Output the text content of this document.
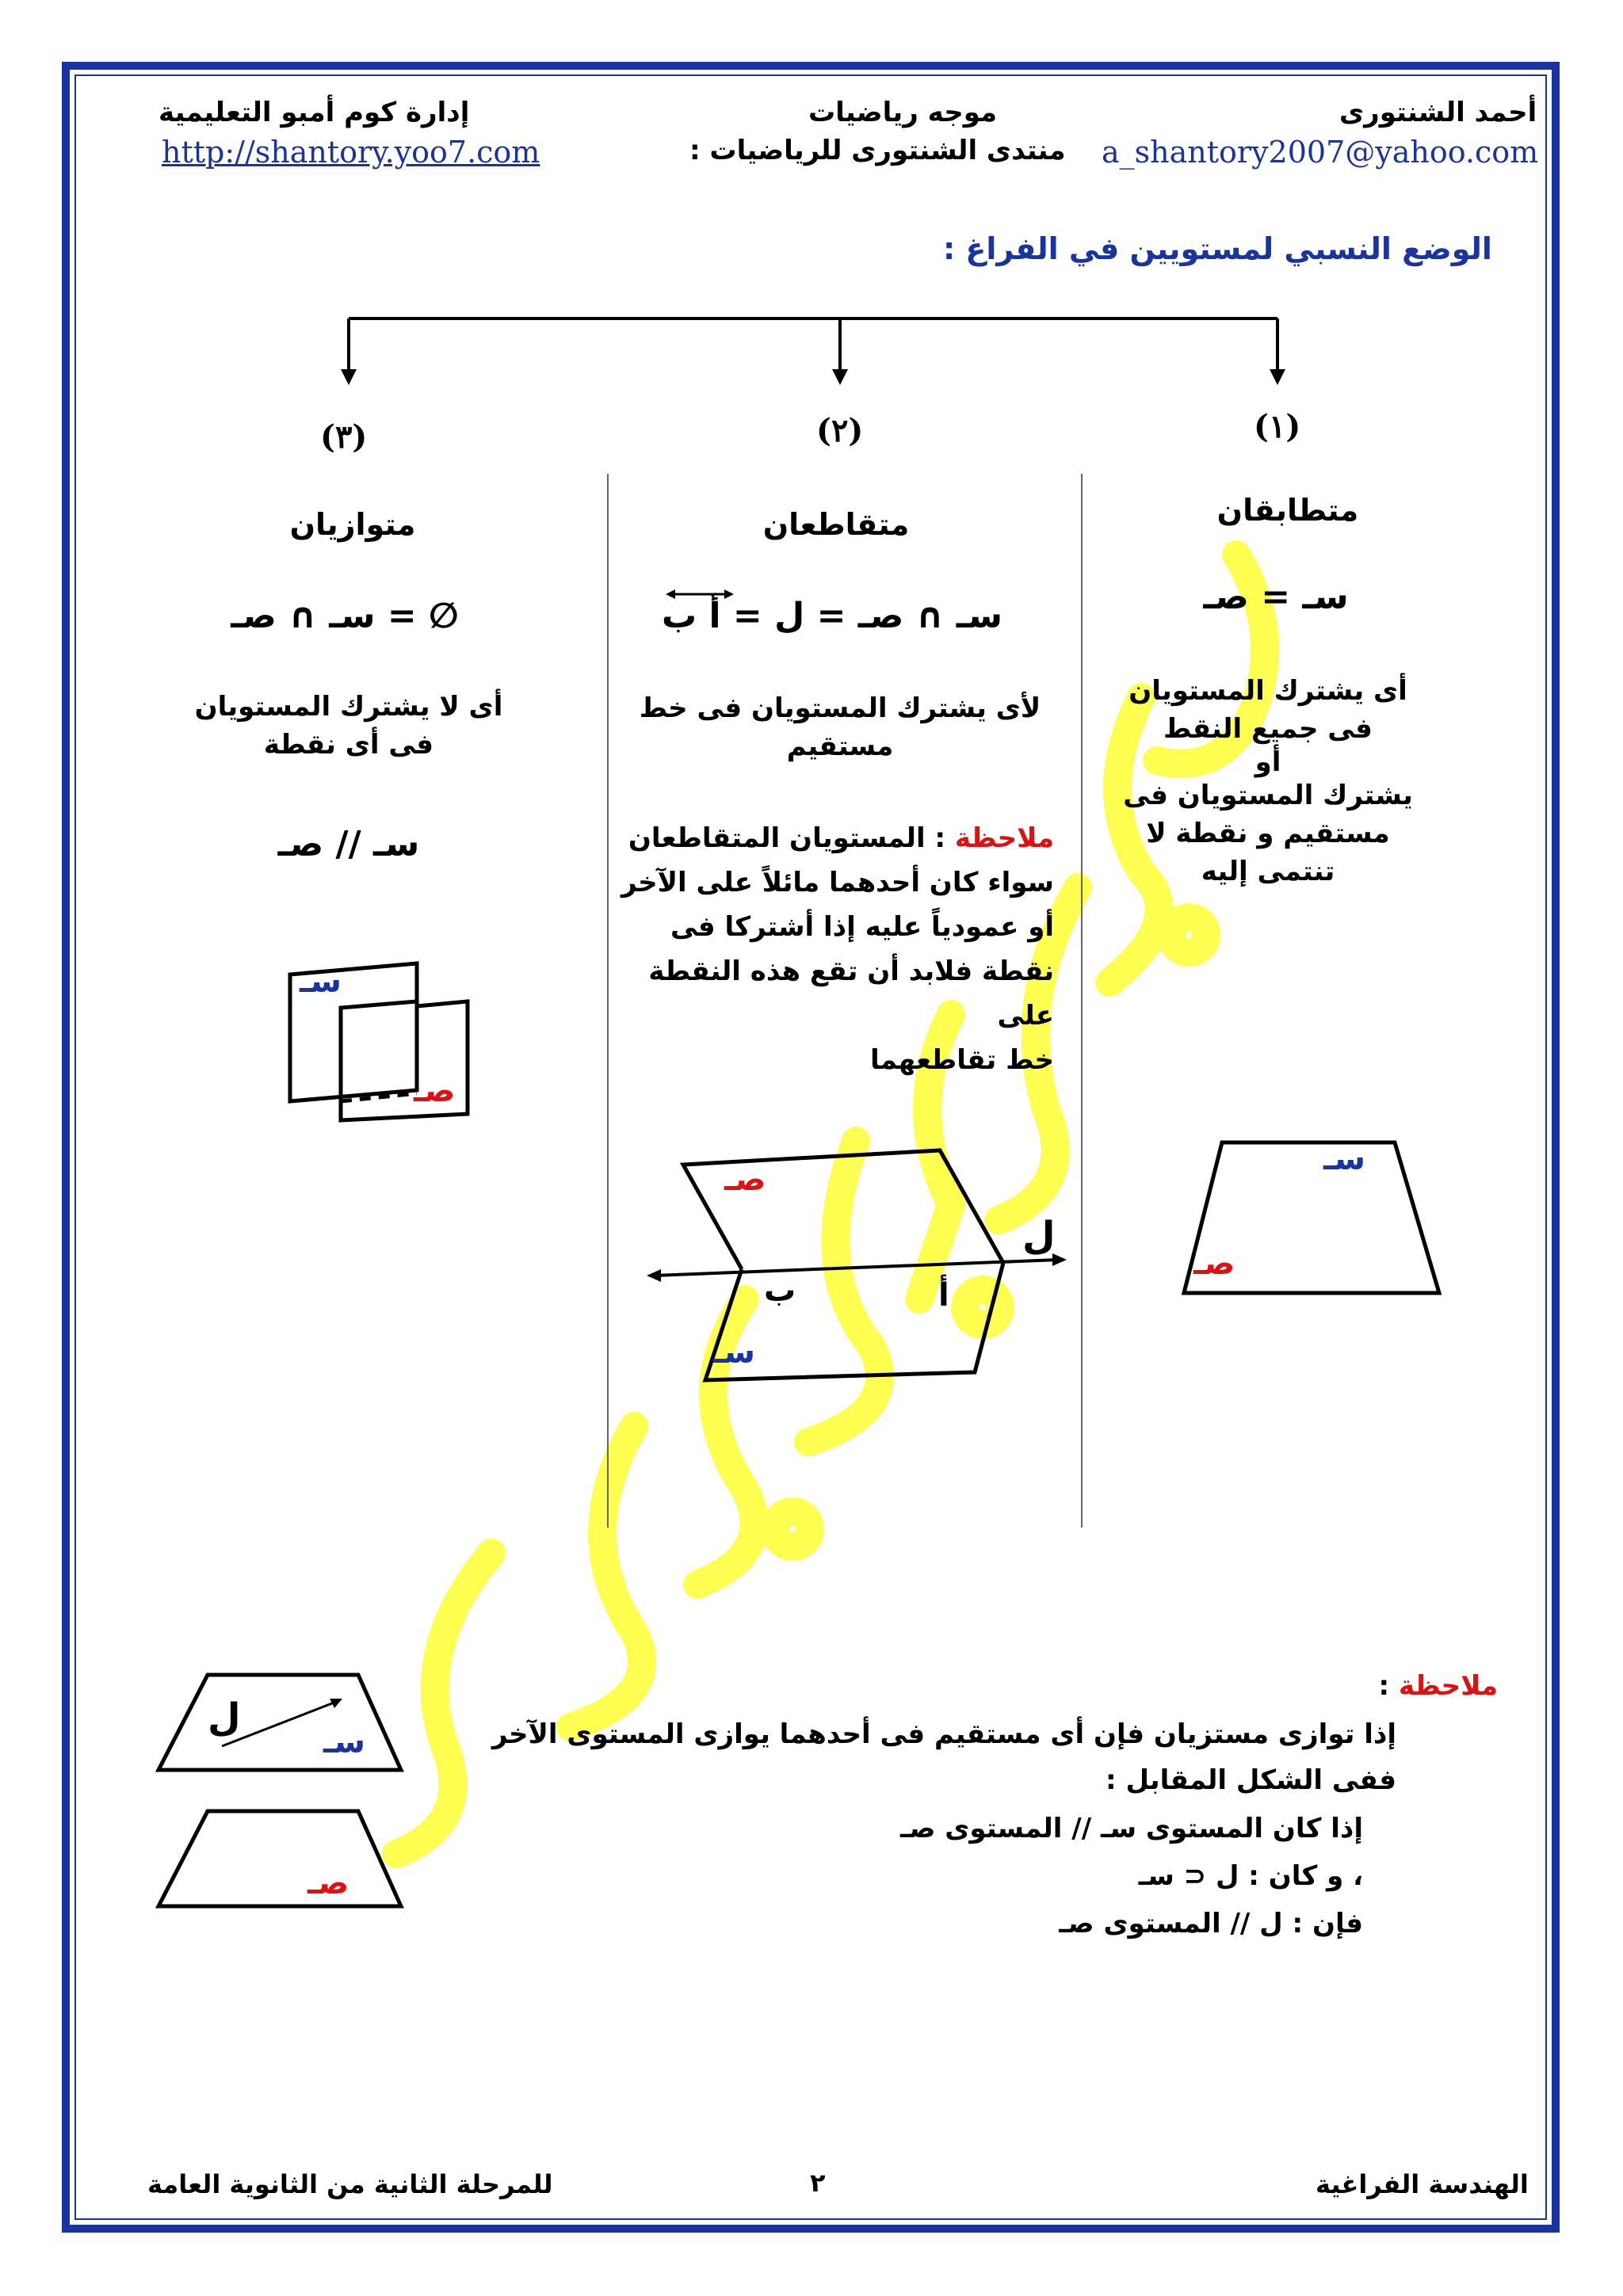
إدارة كوم أمبو التعليمية
http://shantory.yoo7.com
موجه رياضيات
منتدى الشنتورى للرياضيات :
أحمد الشنتورى
a_shantory2007@yahoo.com
الوضع النسبي لمستويين في الفراغ :
(١)
متطابقان
سـ = صـ
أى يشترك المستويان
فى جميع النقط
أو
يشترك المستويان فى
مستقيم و نقطة لا
تنتمى إليه
سـ
صـ
(٢)
متقاطعان
سـ ∩ صـ = ل = أ ب
لأى يشترك المستويان فى خط
مستقيم
ملاحظة : المستويان المتقاطعان
سواء كان أحدهما مائلاً على الآخر
أو عمودياً عليه إذا أشتركا فى
نقطة فلابد أن تقع هذه النقطة على
خط تقاطعهما
صـ
ل
أ
ب
سـ
(٣)
متوازيان
سـ ∩ صـ = ∅
أى لا يشترك المستويان
فى أى نقطة
سـ // صـ
سـ
صـ
ملاحظة :
إذا توازى مستزيان فإن أى مستقيم فى أحدهما يوازى المستوى الآخر
ففى الشكل المقابل :
إذا كان المستوى سـ // المستوى صـ
، و كان : ل ⊂ سـ
فإن : ل // المستوى صـ
ل
سـ
صـ
الهندسة الفراغية
٢
للمرحلة الثانية من الثانوية العامة
